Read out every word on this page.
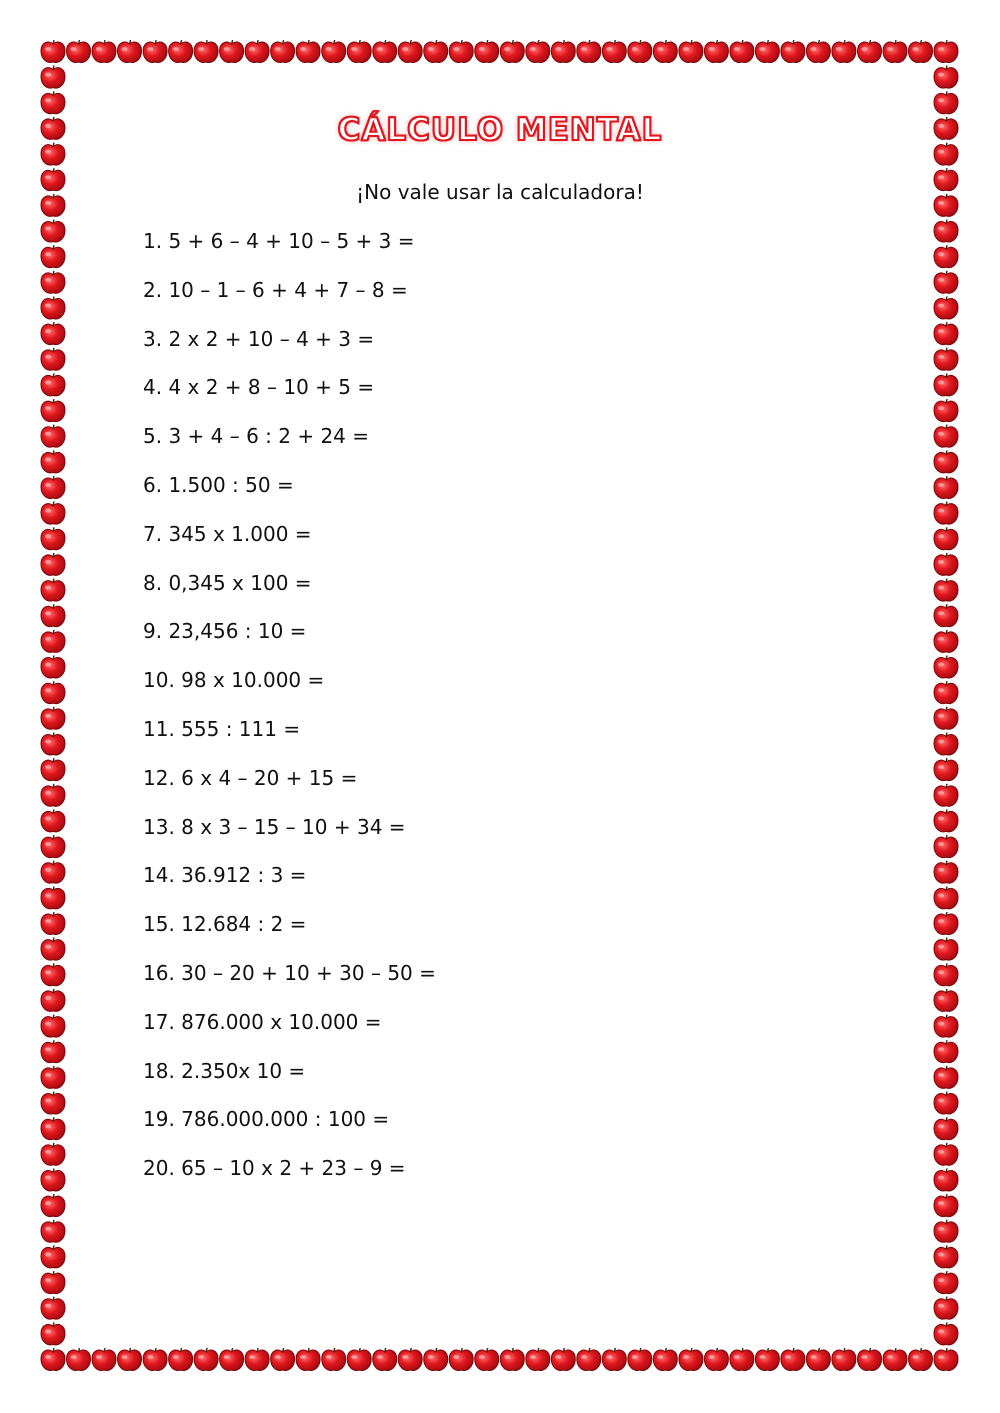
CÁLCULO MENTAL
¡No vale usar la calculadora!
1. 5 + 6 – 4 + 10 – 5 + 3 =
2. 10 – 1 – 6 + 4 + 7 – 8 =
3. 2 x 2 + 10 – 4 + 3 =
4. 4 x 2 + 8 – 10 + 5 =
5. 3 + 4 – 6 : 2 + 24 =
6. 1.500 : 50 =
7. 345 x 1.000 =
8. 0,345 x 100 =
9. 23,456 : 10 =
10. 98 x 10.000 =
11. 555 : 111 =
12. 6 x 4 – 20 + 15 =
13. 8 x 3 – 15 – 10 + 34 =
14. 36.912 : 3 =
15. 12.684 : 2 =
16. 30 – 20 + 10 + 30 – 50 =
17. 876.000 x 10.000 =
18. 2.350x 10 =
19. 786.000.000 : 100 =
20. 65 – 10 x 2 + 23 – 9 =
